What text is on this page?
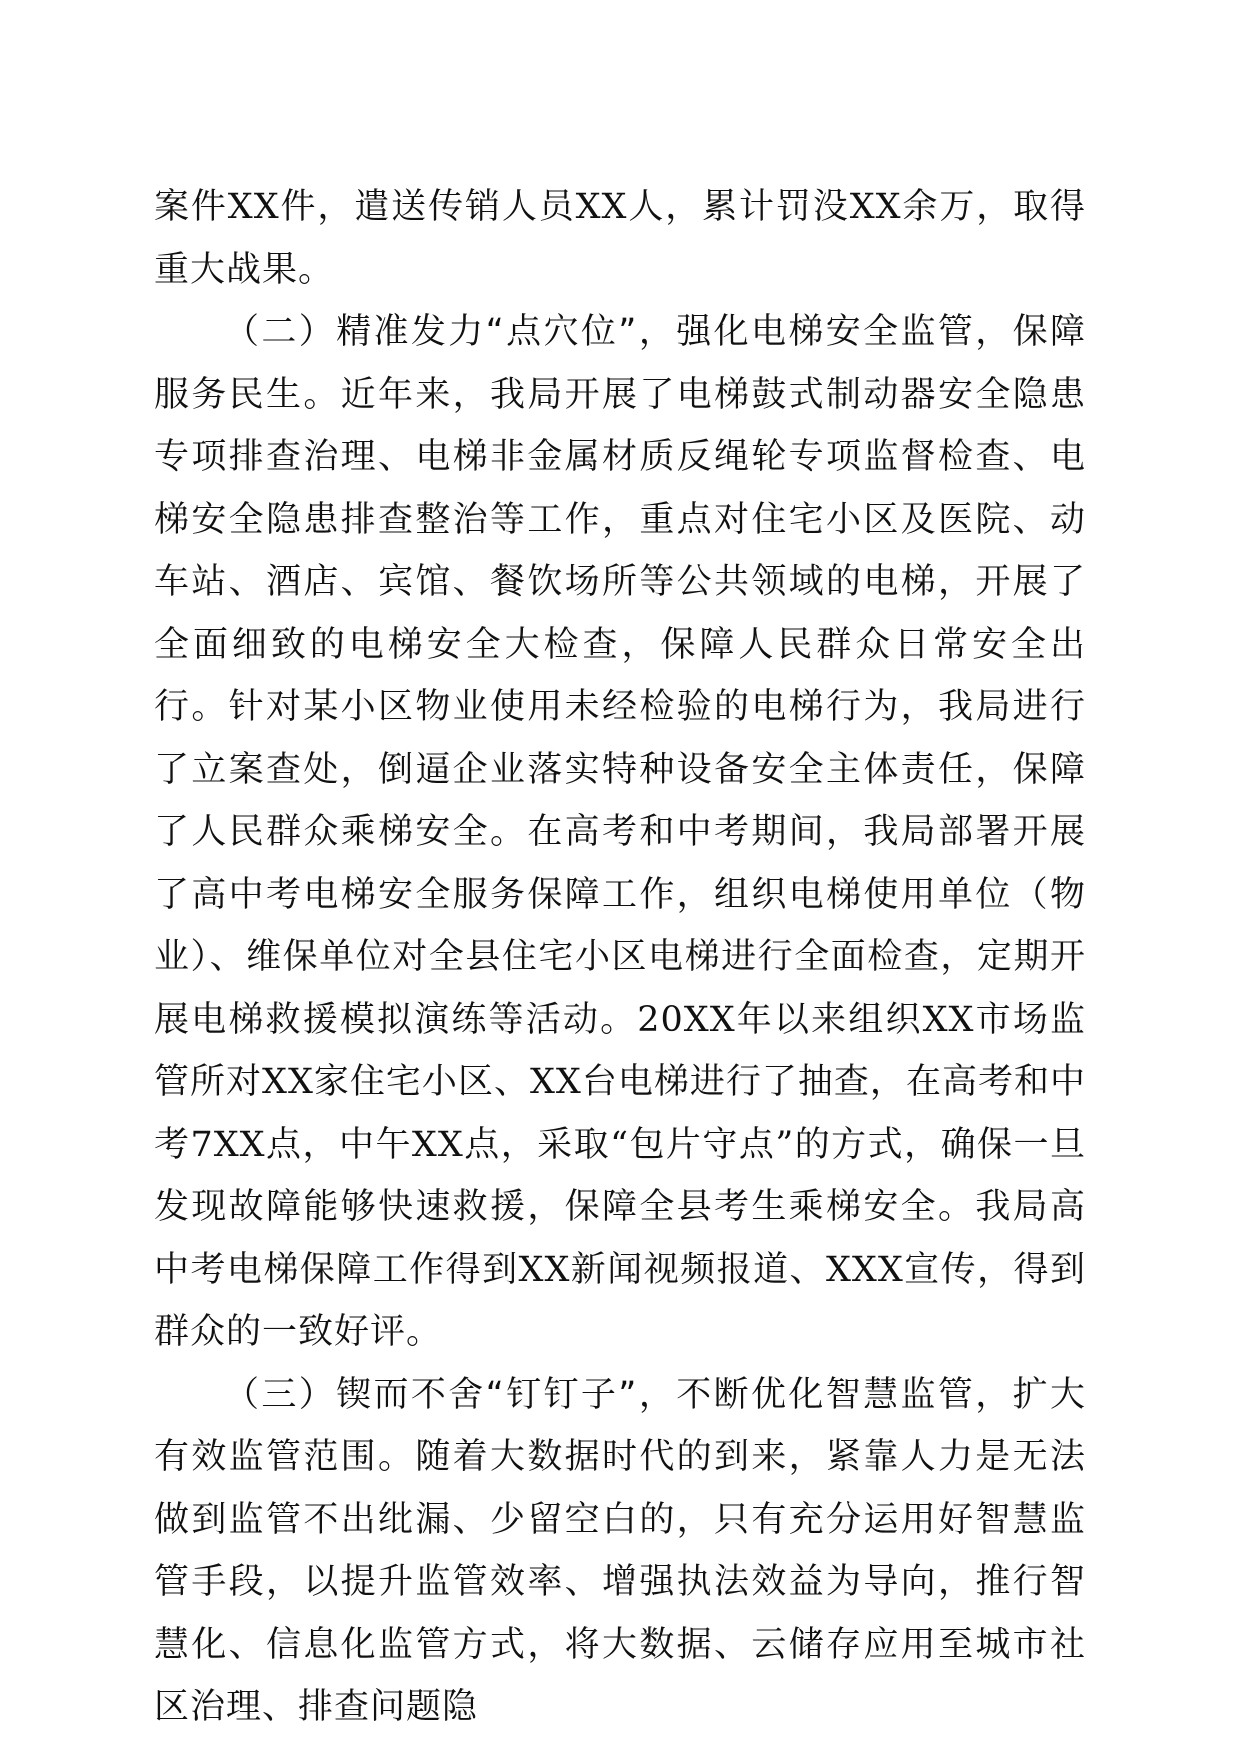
案件XX件，遣送传销人员XX人，累计罚没XX余万，取得重大战果。

（二）精准发力“点穴位”，强化电梯安全监管，保障服务民生。近年来，我局开展了电梯鼓式制动器安全隐患专项排查治理、电梯非金属材质反绳轮专项监督检查、电梯安全隐患排查整治等工作，重点对住宅小区及医院、动车站、酒店、宾馆、餐饮场所等公共领域的电梯，开展了全面细致的电梯安全大检查，保障人民群众日常安全出行。针对某小区物业使用未经检验的电梯行为，我局进行了立案查处，倒逼企业落实特种设备安全主体责任，保障了人民群众乘梯安全。在高考和中考期间，我局部署开展了高中考电梯安全服务保障工作，组织电梯使用单位（物业）、维保单位对全县住宅小区电梯进行全面检查，定期开展电梯救援模拟演练等活动。20XX年以来组织XX市场监管所对XX家住宅小区、XX台电梯进行了抽查，在高考和中考7XX点，中午XX点，采取“包片守点”的方式，确保一旦发现故障能够快速救援，保障全县考生乘梯安全。我局高中考电梯保障工作得到XX新闻视频报道、XXX宣传，得到群众的一致好评。

（三）锲而不舍“钉钉子”，不断优化智慧监管，扩大有效监管范围。随着大数据时代的到来，紧靠人力是无法做到监管不出纰漏、少留空白的，只有充分运用好智慧监管手段，以提升监管效率、增强执法效益为导向，推行智慧化、信息化监管方式，将大数据、云储存应用至城市社区治理、排查问题隐
